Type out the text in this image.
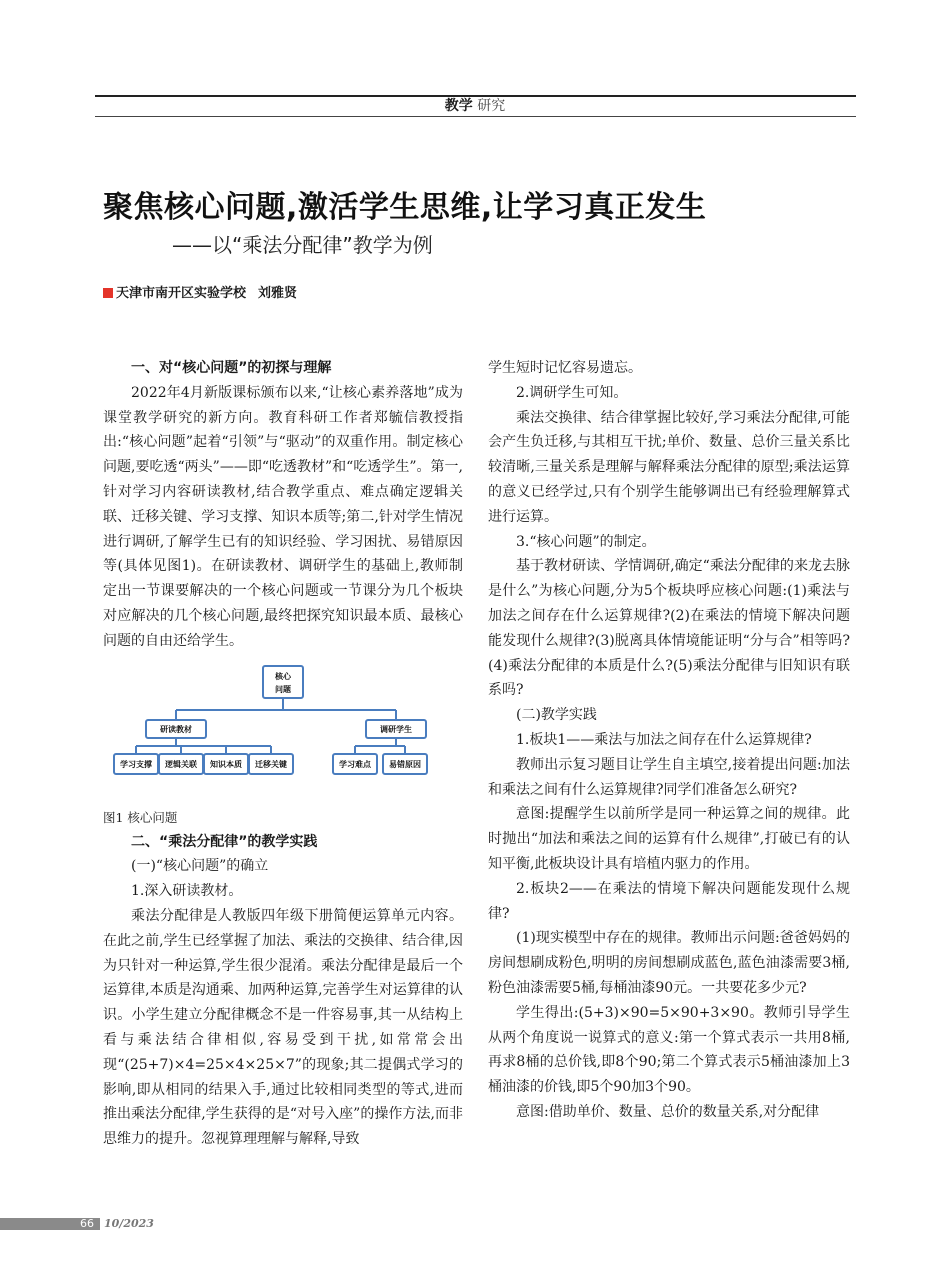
教学 研究
聚焦核心问题,激活学生思维,让学习真正发生
——以“乘法分配律”教学为例
天津市南开区实验学校 刘雅贤

一、对“核心问题”的初探与理解

2022年4月新版课标颁布以来,“让核心素养落地”成为课堂教学研究的新方向。教育科研工作者郑毓信教授指出:“核心问题”起着“引领”与“驱动”的双重作用。制定核心问题,要吃透“两头”——即“吃透教材”和“吃透学生”。第一,针对学习内容研读教材,结合教学重点、难点确定逻辑关联、迁移关键、学习支撑、知识本质等;第二,针对学生情况进行调研,了解学生已有的知识经验、学习困扰、易错原因等(具体见图1)。在研读教材、调研学生的基础上,教师制定出一节课要解决的一个核心问题或一节课分为几个板块对应解决的几个核心问题,最终把探究知识最本质、最核心问题的自由还给学生。

核心
问题
研读教材	调研学生
学习支撑 逻辑关联 知识本质 迁移关键	学习难点 易错原因

图1 核心问题

二、“乘法分配律”的教学实践

(一)“核心问题”的确立

1.深入研读教材。

乘法分配律是人教版四年级下册简便运算单元内容。在此之前,学生已经掌握了加法、乘法的交换律、结合律,因为只针对一种运算,学生很少混淆。乘法分配律是最后一个运算律,本质是沟通乘、加两种运算,完善学生对运算律的认识。小学生建立分配律概念不是一件容易事,其一从结构上看与乘法结合律相似,容易受到干扰,如常常会出现“(25+7)×4=25×4×25×7”的现象;其二提偶式学习的影响,即从相同的结果入手,通过比较相同类型的等式,进而推出乘法分配律,学生获得的是“对号入座”的操作方法,而非思维力的提升。忽视算理理解与解释,导致

学生短时记忆容易遗忘。

2.调研学生可知。

乘法交换律、结合律掌握比较好,学习乘法分配律,可能会产生负迁移,与其相互干扰;单价、数量、总价三量关系比较清晰,三量关系是理解与解释乘法分配律的原型;乘法运算的意义已经学过,只有个别学生能够调出已有经验理解算式进行运算。

3.“核心问题”的制定。

基于教材研读、学情调研,确定“乘法分配律的来龙去脉是什么”为核心问题,分为5个板块呼应核心问题:(1)乘法与加法之间存在什么运算规律?(2)在乘法的情境下解决问题能发现什么规律?(3)脱离具体情境能证明“分与合”相等吗?(4)乘法分配律的本质是什么?(5)乘法分配律与旧知识有联系吗?

(二)教学实践

1.板块1——乘法与加法之间存在什么运算规律?

教师出示复习题目让学生自主填空,接着提出问题:加法和乘法之间有什么运算规律?同学们准备怎么研究?

意图:提醒学生以前所学是同一种运算之间的规律。此时抛出“加法和乘法之间的运算有什么规律”,打破已有的认知平衡,此板块设计具有培植内驱力的作用。

2.板块2——在乘法的情境下解决问题能发现什么规律?

(1)现实模型中存在的规律。教师出示问题:爸爸妈妈的房间想刷成粉色,明明的房间想刷成蓝色,蓝色油漆需要3桶,粉色油漆需要5桶,每桶油漆90元。一共要花多少元?

学生得出:(5+3)×90=5×90+3×90。教师引导学生从两个角度说一说算式的意义:第一个算式表示一共用8桶,再求8桶的总价钱,即8个90;第二个算式表示5桶油漆加上3桶油漆的价钱,即5个90加3个90。

意图:借助单价、数量、总价的数量关系,对分配律

66 10/2023
